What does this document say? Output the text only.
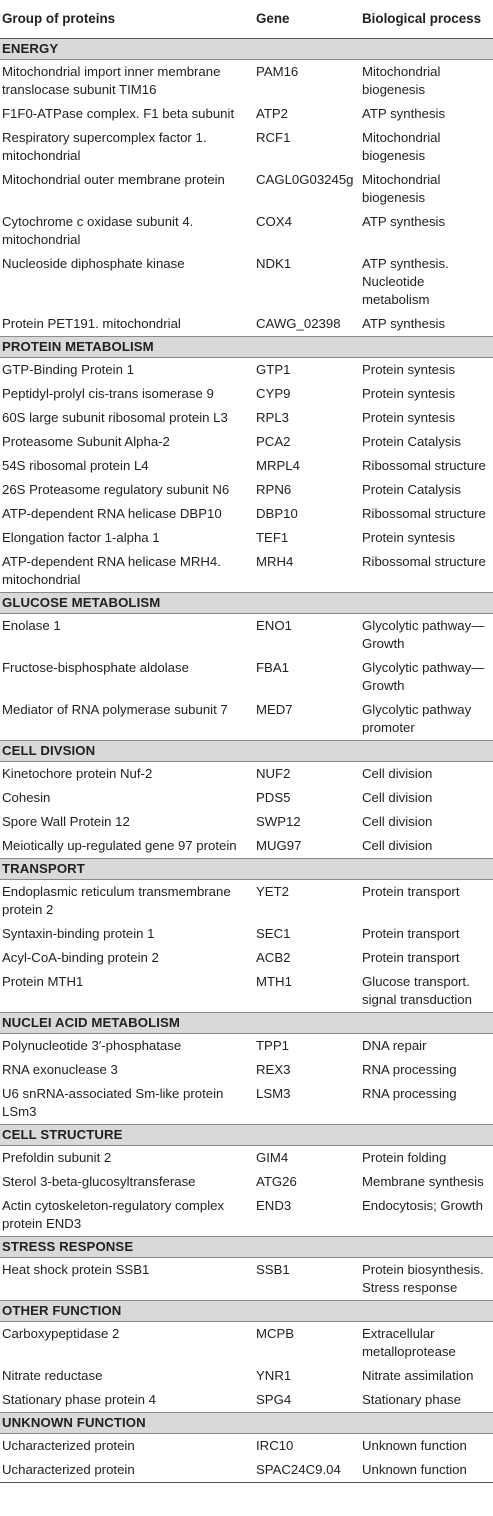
Group of proteins	Gene	Biological process
ENERGY		
Mitochondrial import inner membrane translocase subunit TIM16	PAM16	Mitochondrial biogenesis
F1F0-ATPase complex. F1 beta subunit	ATP2	ATP synthesis
Respiratory supercomplex factor 1. mitochondrial	RCF1	Mitochondrial biogenesis
Mitochondrial outer membrane protein	CAGL0G03245g	Mitochondrial biogenesis
Cytochrome c oxidase subunit 4. mitochondrial	COX4	ATP synthesis
Nucleoside diphosphate kinase	NDK1	ATP synthesis. Nucleotide metabolism
Protein PET191. mitochondrial	CAWG_02398	ATP synthesis
PROTEIN METABOLISM		
GTP-Binding Protein 1	GTP1	Protein syntesis
Peptidyl-prolyl cis-trans isomerase 9	CYP9	Protein syntesis
60S large subunit ribosomal protein L3	RPL3	Protein syntesis
Proteasome Subunit Alpha-2	PCA2	Protein Catalysis
54S ribosomal protein L4	MRPL4	Ribossomal structure
26S Proteasome regulatory subunit N6	RPN6	Protein Catalysis
ATP-dependent RNA helicase DBP10	DBP10	Ribossomal structure
Elongation factor 1-alpha 1	TEF1	Protein syntesis
ATP-dependent RNA helicase MRH4. mitochondrial	MRH4	Ribossomal structure
GLUCOSE METABOLISM		
Enolase 1	ENO1	Glycolytic pathway—Growth
Fructose-bisphosphate aldolase	FBA1	Glycolytic pathway—Growth
Mediator of RNA polymerase subunit 7	MED7	Glycolytic pathway promoter
CELL DIVSION		
Kinetochore protein Nuf-2	NUF2	Cell division
Cohesin	PDS5	Cell division
Spore Wall Protein 12	SWP12	Cell division
Meiotically up-regulated gene 97 protein	MUG97	Cell division
TRANSPORT		
Endoplasmic reticulum transmembrane protein 2	YET2	Protein transport
Syntaxin-binding protein 1	SEC1	Protein transport
Acyl-CoA-binding protein 2	ACB2	Protein transport
Protein MTH1	MTH1	Glucose transport. signal transduction
NUCLEI ACID METABOLISM		
Polynucleotide 3′-phosphatase	TPP1	DNA repair
RNA exonuclease 3	REX3	RNA processing
U6 snRNA-associated Sm-like protein LSm3	LSM3	RNA processing
CELL STRUCTURE		
Prefoldin subunit 2	GIM4	Protein folding
Sterol 3-beta-glucosyltransferase	ATG26	Membrane synthesis
Actin cytoskeleton-regulatory complex protein END3	END3	Endocytosis; Growth
STRESS RESPONSE		
Heat shock protein SSB1	SSB1	Protein biosynthesis. Stress response
OTHER FUNCTION		
Carboxypeptidase 2	MCPB	Extracellular metalloprotease
Nitrate reductase	YNR1	Nitrate assimilation
Stationary phase protein 4	SPG4	Stationary phase
UNKNOWN FUNCTION		
Ucharacterized protein	IRC10	Unknown function
Ucharacterized protein	SPAC24C9.04	Unknown function
